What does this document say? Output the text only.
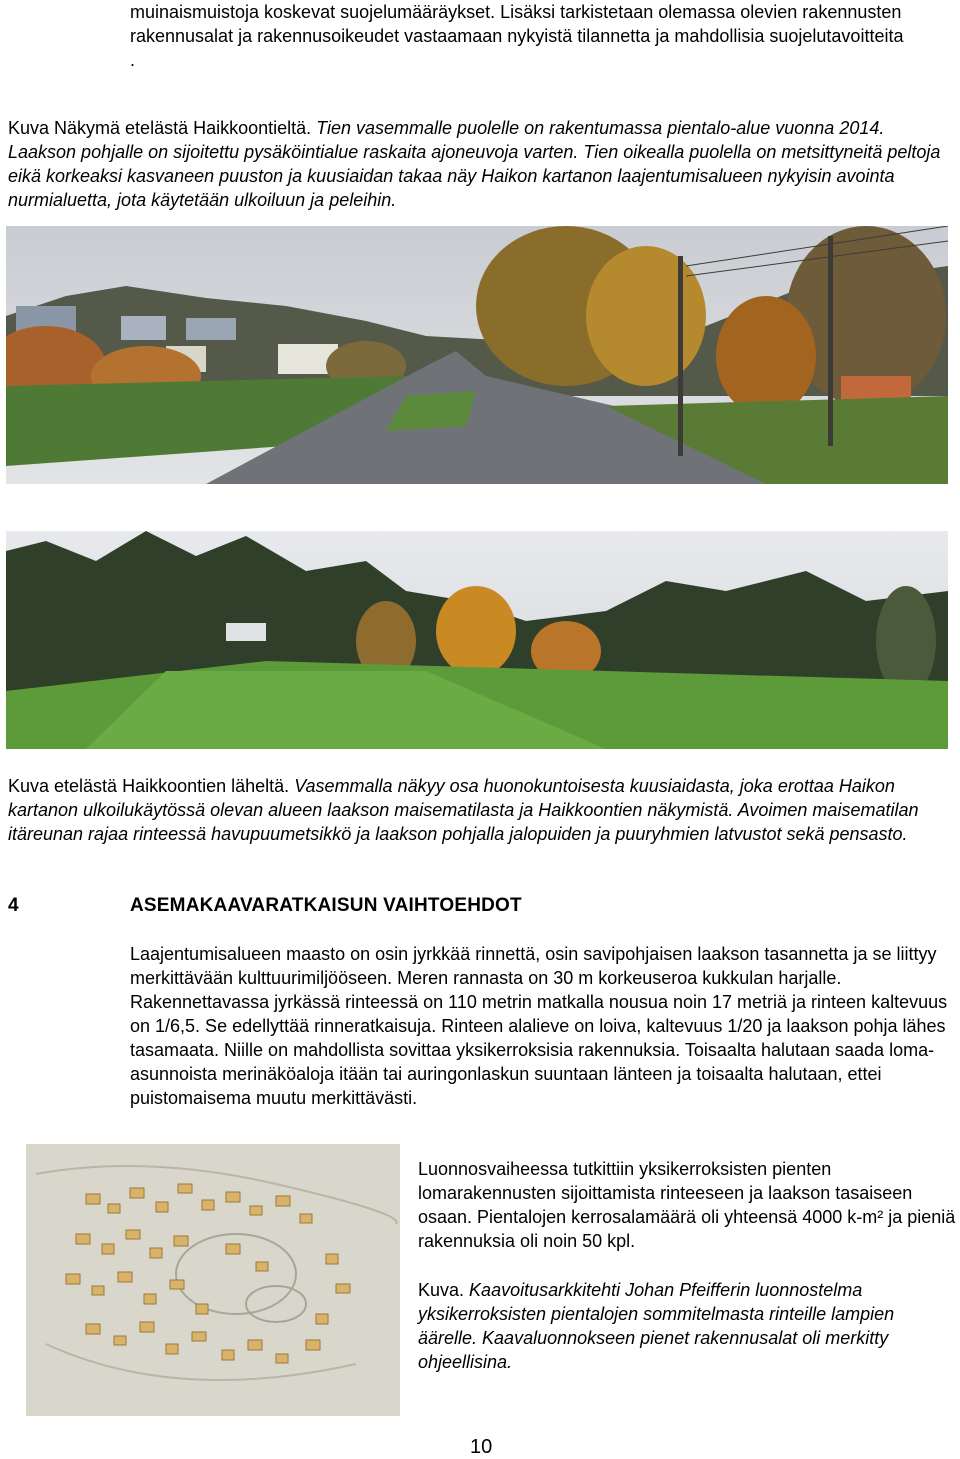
muinaismuistoja koskevat suojelumääräykset. Lisäksi tarkistetaan olemassa olevien rakennusten rakennusalat ja rakennusoikeudet vastaamaan nykyistä tilannetta ja mahdollisia suojelutavoitteita
.
Kuva Näkymä etelästä Haikkoontieltä. Tien vasemmalle puolelle on rakentumassa pientalo-alue vuonna 2014. Laakson pohjalle on sijoitettu pysäköintialue raskaita ajoneuvoja varten. Tien oikealla puolella on metsittyneitä peltoja eikä korkeaksi kasvaneen puuston ja kuusiaidan takaa näy Haikon kartanon laajentumisalueen nykyisin avointa nurmialuetta, jota käytetään ulkoiluun ja peleihin.
Kuva etelästä Haikkoontien läheltä. Vasemmalla näkyy osa huonokuntoisesta kuusiaidasta, joka erottaa Haikon kartanon ulkoilukäytössä olevan alueen laakson maisematilasta ja Haikkoontien näkymistä. Avoimen maisematilan itäreunan rajaa rinteessä havupuumetsikkö ja laakson pohjalla jalopuiden ja puuryhmien latvustot sekä pensasto.
4	ASEMAKAAVARATKAISUN VAIHTOEHDOT
Laajentumisalueen maasto on osin jyrkkää rinnettä, osin savipohjaisen laakson tasannetta ja se liittyy merkittävään kulttuurimiljööseen. Meren rannasta on 30 m korkeuseroa kukkulan harjalle. Rakennettavassa jyrkässä rinteessä on 110 metrin matkalla nousua noin 17 metriä ja rinteen kaltevuus on 1/6,5. Se edellyttää rinneratkaisuja. Rinteen alalieve on loiva, kaltevuus 1/20 ja laakson pohja lähes tasamaata. Niille on mahdollista sovittaa yksikerroksisia rakennuksia. Toisaalta halutaan saada loma-asunnoista merinäköaloja itään tai auringonlaskun suuntaan länteen ja toisaalta halutaan, ettei puistomaisema muutu merkittävästi.
Luonnosvaiheessa tutkittiin yksikerroksisten pienten lomarakennusten sijoittamista rinteeseen ja laakson tasaiseen osaan. Pientalojen kerrosalamäärä oli yhteensä 4000 k-m² ja pieniä rakennuksia oli noin 50 kpl.
Kuva. Kaavoitusarkkitehti Johan Pfeifferin luonnostelma yksikerroksisten pientalojen sommitelmasta rinteille lampien äärelle. Kaavaluonnokseen pienet rakennusalat oli merkitty ohjeellisina.
10
